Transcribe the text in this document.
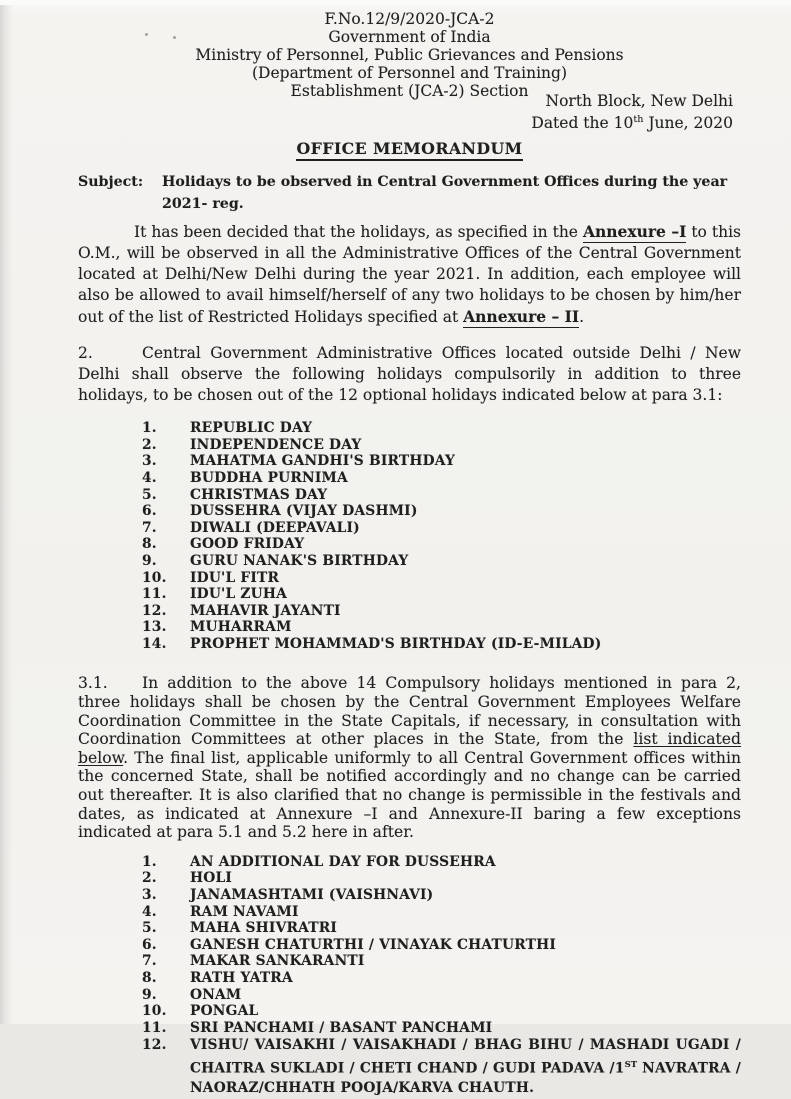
F.No.12/9/2020-JCA-2
Government of India
Ministry of Personnel, Public Grievances and Pensions
(Department of Personnel and Training)
Establishment (JCA-2) Section
North Block, New Delhi
Dated the 10th June, 2020
OFFICE MEMORANDUM
Subject:	Holidays to be observed in Central Government Offices during the year
2021- reg.

It has been decided that the holidays, as specified in the Annexure –I to this O.M., will be observed in all the Administrative Offices of the Central Government located at Delhi/New Delhi during the year 2021. In addition, each employee will also be allowed to avail himself/herself of any two holidays to be chosen by him/her out of the list of Restricted Holidays specified at Annexure – II.

2.	Central Government Administrative Offices located outside Delhi / New Delhi shall observe the following holidays compulsorily in addition to three holidays, to be chosen out of the 12 optional holidays indicated below at para 3.1:

1.	REPUBLIC DAY
2.	INDEPENDENCE DAY
3.	MAHATMA GANDHI'S BIRTHDAY
4.	BUDDHA PURNIMA
5.	CHRISTMAS DAY
6.	DUSSEHRA (VIJAY DASHMI)
7.	DIWALI (DEEPAVALI)
8.	GOOD FRIDAY
9.	GURU NANAK'S BIRTHDAY
10.	IDU'L FITR
11.	IDU'L ZUHA
12.	MAHAVIR JAYANTI
13.	MUHARRAM
14.	PROPHET MOHAMMAD'S BIRTHDAY (ID-E-MILAD)

3.1. In addition to the above 14 Compulsory holidays mentioned in para 2, three holidays shall be chosen by the Central Government Employees Welfare Coordination Committee in the State Capitals, if necessary, in consultation with Coordination Committees at other places in the State, from the list indicated below. The final list, applicable uniformly to all Central Government offices within the concerned State, shall be notified accordingly and no change can be carried out thereafter. It is also clarified that no change is permissible in the festivals and dates, as indicated at Annexure –I and Annexure-II baring a few exceptions indicated at para 5.1 and 5.2 here in after.

1.	AN ADDITIONAL DAY FOR DUSSEHRA
2.	HOLI
3.	JANAMASHTAMI (VAISHNAVI)
4.	RAM NAVAMI
5.	MAHA SHIVRATRI
6.	GANESH CHATURTHI / VINAYAK CHATURTHI
7.	MAKAR SANKARANTI
8.	RATH YATRA
9.	ONAM
10.	PONGAL
11.	SRI PANCHAMI / BASANT PANCHAMI
12.	VISHU/ VAISAKHI / VAISAKHADI / BHAG BIHU / MASHADI UGADI / CHAITRA SUKLADI / CHETI CHAND / GUDI PADAVA /1ST NAVRATRA / NAORAZ/CHHATH POOJA/KARVA CHAUTH.
